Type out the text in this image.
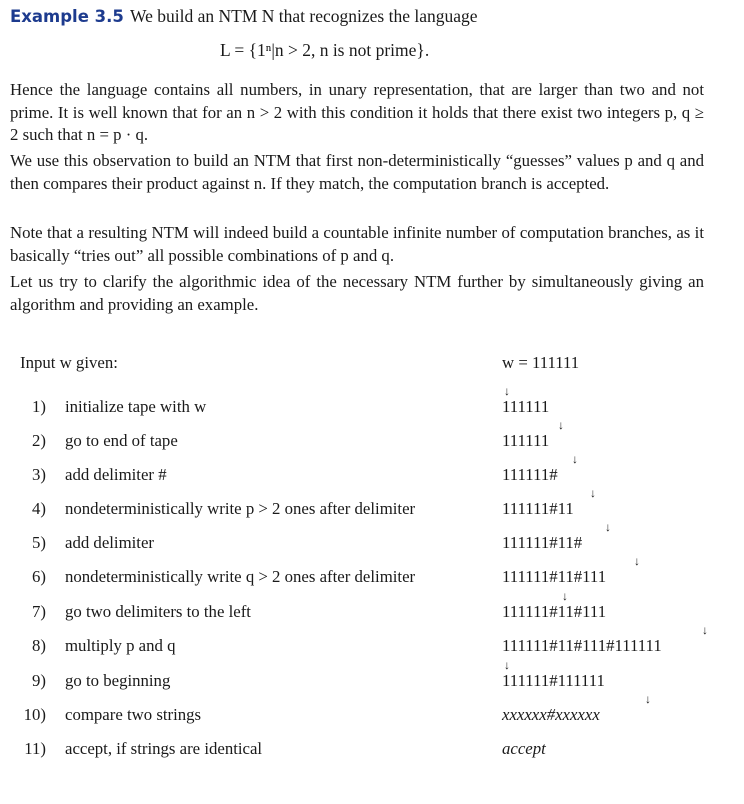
Example 3.5 We build an NTM N that recognizes the language
L = {1ⁿ|n > 2, n is not prime}.
Hence the language contains all numbers, in unary representation, that are larger than two and not prime. It is well known that for an n > 2 with this condition it holds that there exist two integers p, q ≥ 2 such that n = p · q.
We use this observation to build an NTM that first non-deterministically “guesses” values p and q and then compares their product against n. If they match, the computation branch is accepted.
Note that a resulting NTM will indeed build a countable infinite number of computation branches, as it basically “tries out” all possible combinations of p and q.
Let us try to clarify the algorithmic idea of the necessary NTM further by simultaneously giving an algorithm and providing an example.
Input w given:	w = 111111
1) initialize tape with w	111111
↓
2) go to end of tape	111111
↓
3) add delimiter #	111111#
↓
4) nondeterministically write p > 2 ones after delimiter	111111#11
↓
5) add delimiter	111111#11#
↓
6) nondeterministically write q > 2 ones after delimiter	111111#11#111
↓
7) go two delimiters to the left	111111#11#111
↓
8) multiply p and q	111111#11#111#111111
↓
9) go to beginning	111111#111111
↓
10) compare two strings	xxxxxx#xxxxxx
↓
11) accept, if strings are identical	accept
